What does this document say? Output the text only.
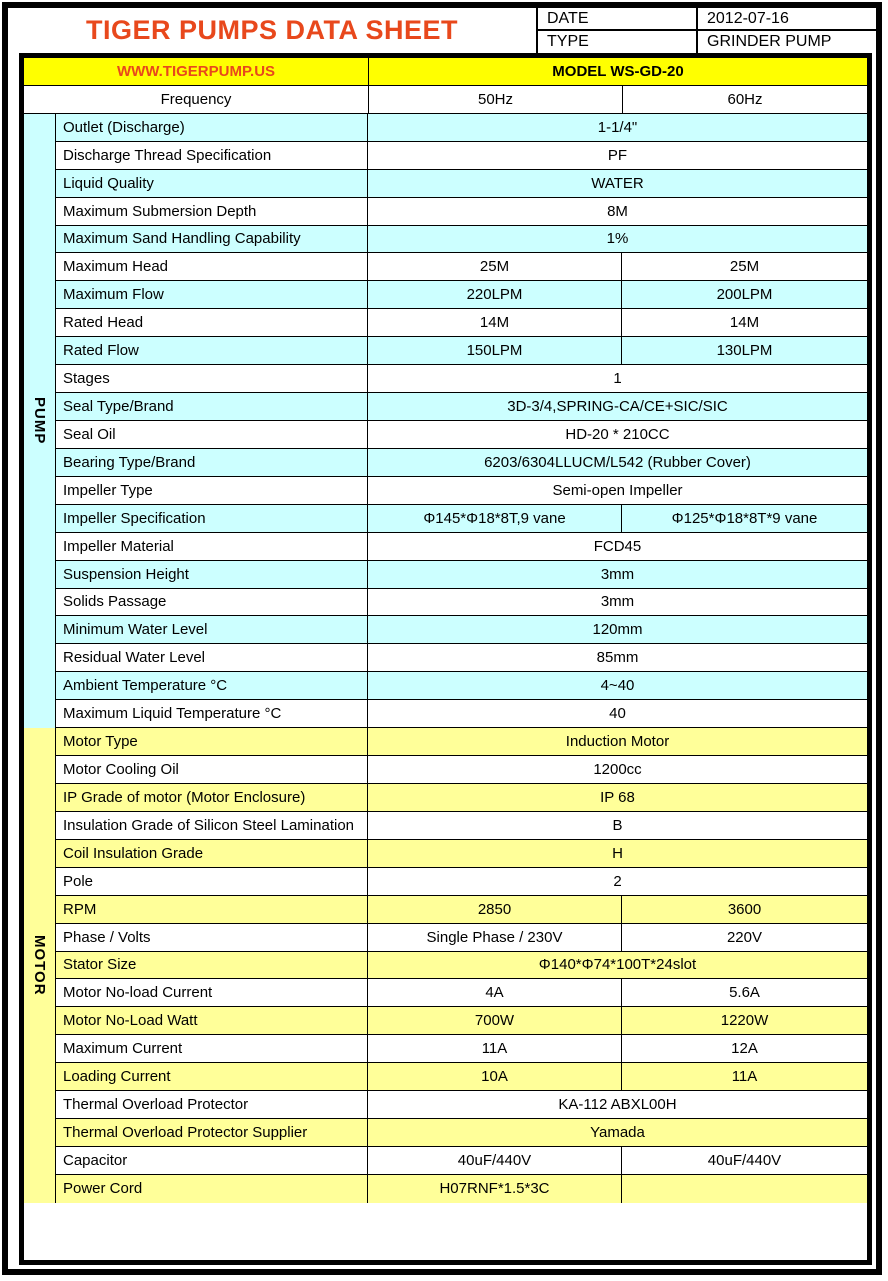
TIGER PUMPS DATA SHEET	DATE	2012-07-16
TYPE	GRINDER PUMP
WWW.TIGERPUMP.US	MODEL WS-GD-20
Frequency	50Hz	60Hz
PUMP
Outlet (Discharge)	1-1/4"
Discharge Thread Specification	PF
Liquid Quality	WATER
Maximum Submersion Depth	8M
Maximum Sand Handling Capability	1%
Maximum Head	25M	25M
Maximum Flow	220LPM	200LPM
Rated Head	14M	14M
Rated Flow	150LPM	130LPM
Stages	1
Seal Type/Brand	3D-3/4,SPRING-CA/CE+SIC/SIC
Seal Oil	HD-20 * 210CC
Bearing Type/Brand	6203/6304LLUCM/L542 (Rubber Cover)
Impeller Type	Semi-open Impeller
Impeller Specification	Φ145*Φ18*8T,9 vane	Φ125*Φ18*8T*9 vane
Impeller Material	FCD45
Suspension Height	3mm
Solids Passage	3mm
Minimum Water Level	120mm
Residual Water Level	85mm
Ambient Temperature °C	4~40
Maximum Liquid Temperature °C	40
MOTOR
Motor Type	Induction Motor
Motor Cooling Oil	1200cc
IP Grade of motor (Motor Enclosure)	IP 68
Insulation Grade of Silicon Steel Lamination	B
Coil Insulation Grade	H
Pole	2
RPM	2850	3600
Phase / Volts	Single Phase / 230V	220V
Stator Size	Φ140*Φ74*100T*24slot
Motor No-load Current	4A	5.6A
Motor No-Load Watt	700W	1220W
Maximum Current	11A	12A
Loading Current	10A	11A
Thermal Overload Protector	KA-112 ABXL00H
Thermal Overload Protector Supplier	Yamada
Capacitor	40uF/440V	40uF/440V
Power Cord	H07RNF*1.5*3C
